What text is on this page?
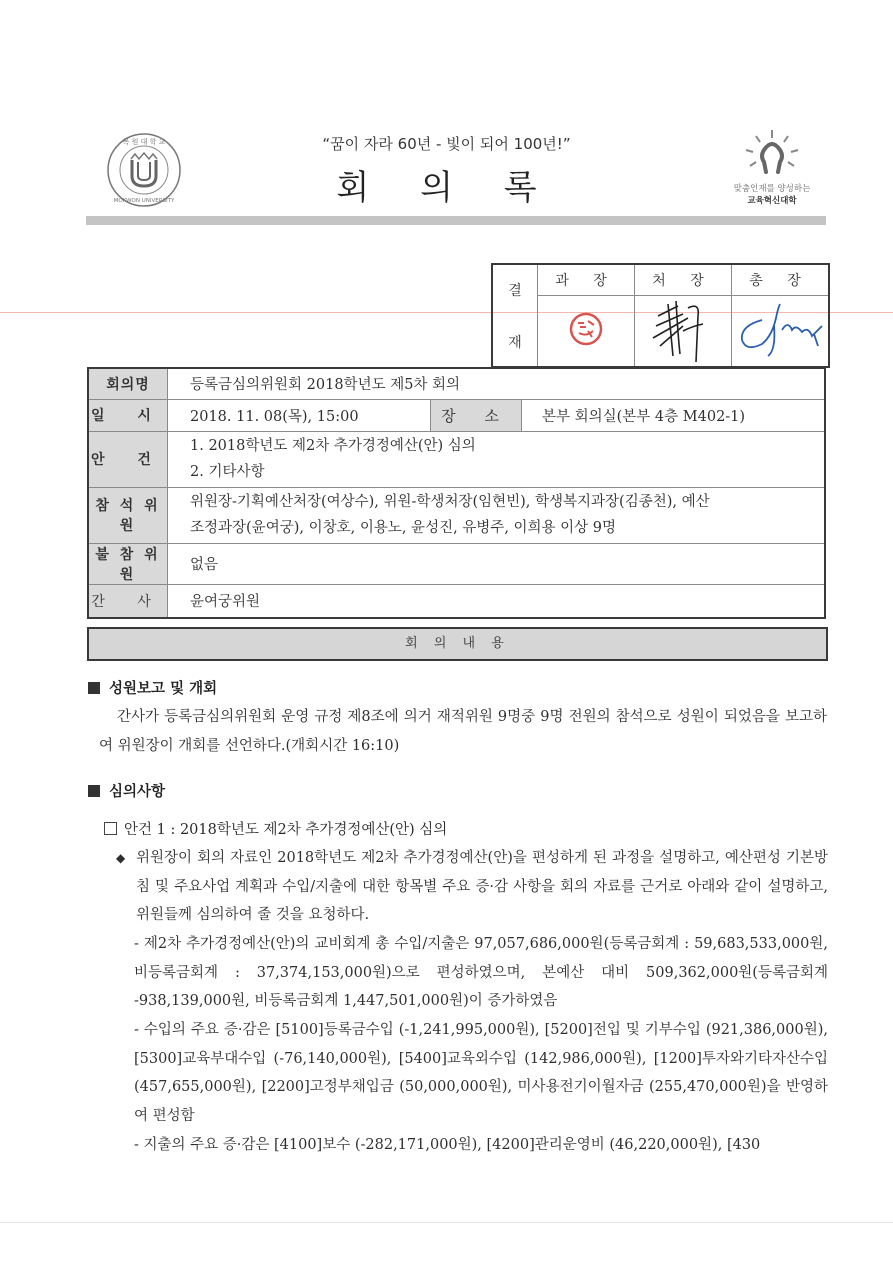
목 원 대 학 교
MOKWON UNIVERSITY
“꿈이 자라 60년 - 빛이 되어 100년!”
회 의 록	맞춤인재를 양성하는
교육혁신대학
결
재	과 장	처 장	총 장

회의명	등록금심의위원회 2018학년도 제5차 회의		
일 시	2018. 11. 08(목), 15:00	장 소	본부 회의실(본부 4층 M402-1)
안 건	1. 2018학년도 제2차 추가경정예산(안) 심의
2. 기타사항		

참 석 위 원	위원장-기획예산처장(여상수), 위원-학생처장(임현빈), 학생복지과장(김종천), 예산
조정과장(윤여궁), 이창호, 이용노, 윤성진, 유병주, 이희용 이상 9명		

불 참 위 원	없음		
간 사	윤여궁위원		
회 의 내 용
성원보고 및 개회
간사가 등록금심의위원회 운영 규정 제8조에 의거 재적위원 9명중 9명 전원의 참석으로 성원이 되었음을 보고하여 위원장이 개회를 선언하다.(개회시간 16:10)
심의사항
안건 1 : 2018학년도 제2차 추가경정예산(안) 심의
◆ 위원장이 회의 자료인 2018학년도 제2차 추가경정예산(안)을 편성하게 된 과정을 설명하고, 예산편성 기본방침 및 주요사업 계획과 수입/지출에 대한 항목별 주요 증·감 사항을 회의 자료를 근거로 아래와 같이 설명하고, 위원들께 심의하여 줄 것을 요청하다.
- 제2차 추가경정예산(안)의 교비회계 총 수입/지출은 97,057,686,000원(등록금회계 : 59,683,533,000원, 비등록금회계 : 37,374,153,000원)으로 편성하였으며, 본예산 대비 509,362,000원(등록금회계 -938,139,000원, 비등록금회계 1,447,501,000원)이 증가하였음
- 수입의 주요 증·감은 [5100]등록금수입 (-1,241,995,000원), [5200]전입 및 기부수입 (921,386,000원), [5300]교육부대수입 (-76,140,000원), [5400]교육외수입 (142,986,000원), [1200]투자와기타자산수입 (457,655,000원), [2200]고정부채입금 (50,000,000원), 미사용전기이월자금 (255,470,000원)을 반영하여 편성함
- 지출의 주요 증·감은 [4100]보수 (-282,171,000원), [4200]관리운영비 (46,220,000원), [430
